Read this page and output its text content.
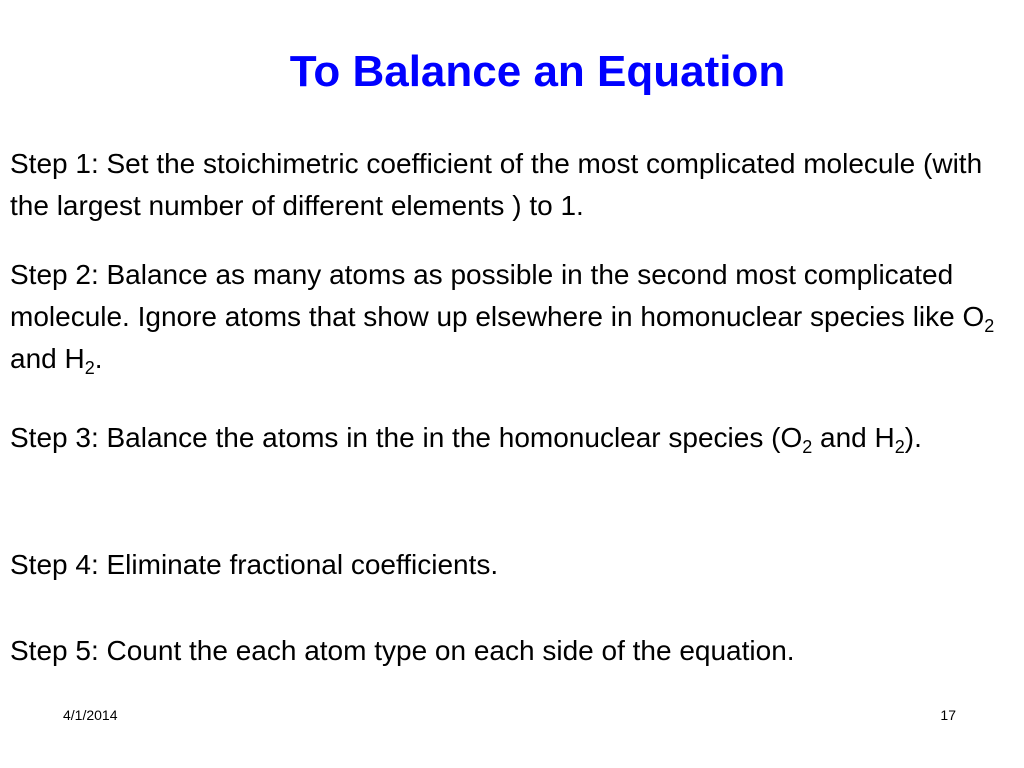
To Balance an Equation

Step 1: Set the stoichimetric coefficient of the most complicated molecule (with the largest number of different elements ) to 1.

Step 2: Balance as many atoms as possible in the second most complicated molecule. Ignore atoms that show up elsewhere in homonuclear species like $O_2$ and $H_2$.

Step 3: Balance the atoms in the in the homonuclear species ($O_2$ and $H_2$).

Step 4: Eliminate fractional coefficients.

Step 5: Count the each atom type on each side of the equation.

4/1/2014	17
